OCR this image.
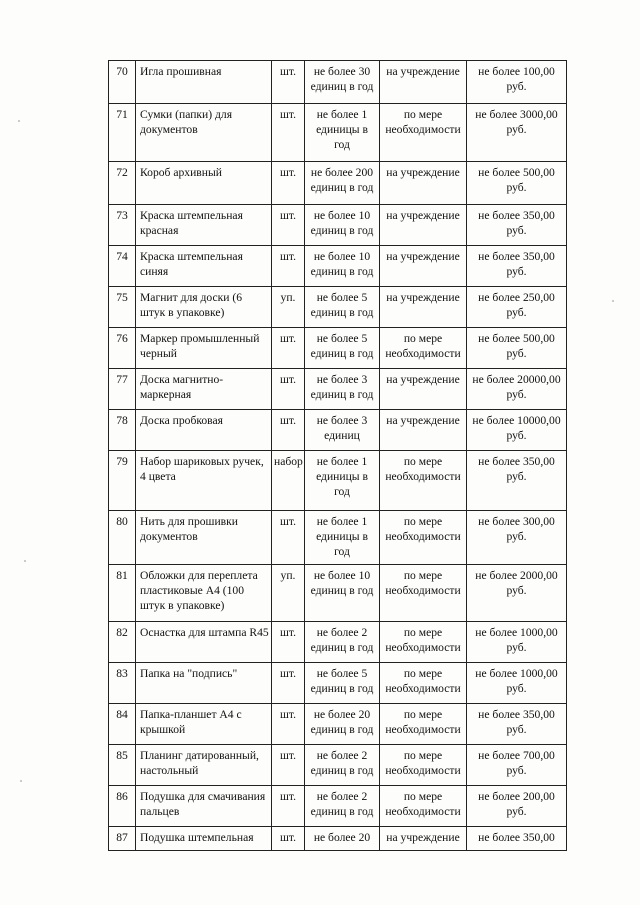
70	Игла прошивная	шт.	не более 30 единиц в год	на учреждение	не более 100,00 руб.
71	Сумки (папки) для документов	шт.	не более 1 единицы в год	по мере необходимости	не более 3000,00 руб.
72	Короб архивный	шт.	не более 200 единиц в год	на учреждение	не более 500,00 руб.
73	Краска штемпельная красная	шт.	не более 10 единиц в год	на учреждение	не более 350,00 руб.
74	Краска штемпельная синяя	шт.	не более 10 единиц в год	на учреждение	не более 350,00 руб.
75	Магнит для доски (6 штук в упаковке)	уп.	не более 5 единиц в год	на учреждение	не более 250,00 руб.
76	Маркер промышленный черный	шт.	не более 5 единиц в год	по мере необходимости	не более 500,00 руб.
77	Доска магнитно-маркерная	шт.	не более 3 единиц в год	на учреждение	не более 20000,00 руб.
78	Доска пробковая	шт.	не более 3 единиц	на учреждение	не более 10000,00 руб.
79	Набор шариковых ручек, 4 цвета	набор	не более 1 единицы в год	по мере необходимости	не более 350,00 руб.
80	Нить для прошивки документов	шт.	не более 1 единицы в год	по мере необходимости	не более 300,00 руб.
81	Обложки для переплета пластиковые А4 (100 штук в упаковке)	уп.	не более 10 единиц в год	по мере необходимости	не более 2000,00 руб.
82	Оснастка для штампа R45	шт.	не более 2 единиц в год	по мере необходимости	не более 1000,00 руб.
83	Папка на "подпись"	шт.	не более 5 единиц в год	по мере необходимости	не более 1000,00 руб.
84	Папка-планшет А4 с крышкой	шт.	не более 20 единиц в год	по мере необходимости	не более 350,00 руб.
85	Планинг датированный, настольный	шт.	не более 2 единиц в год	по мере необходимости	не более 700,00 руб.
86	Подушка для смачивания пальцев	шт.	не более 2 единиц в год	по мере необходимости	не более 200,00 руб.
87	Подушка штемпельная	шт.	не более 20	на учреждение	не более 350,00
